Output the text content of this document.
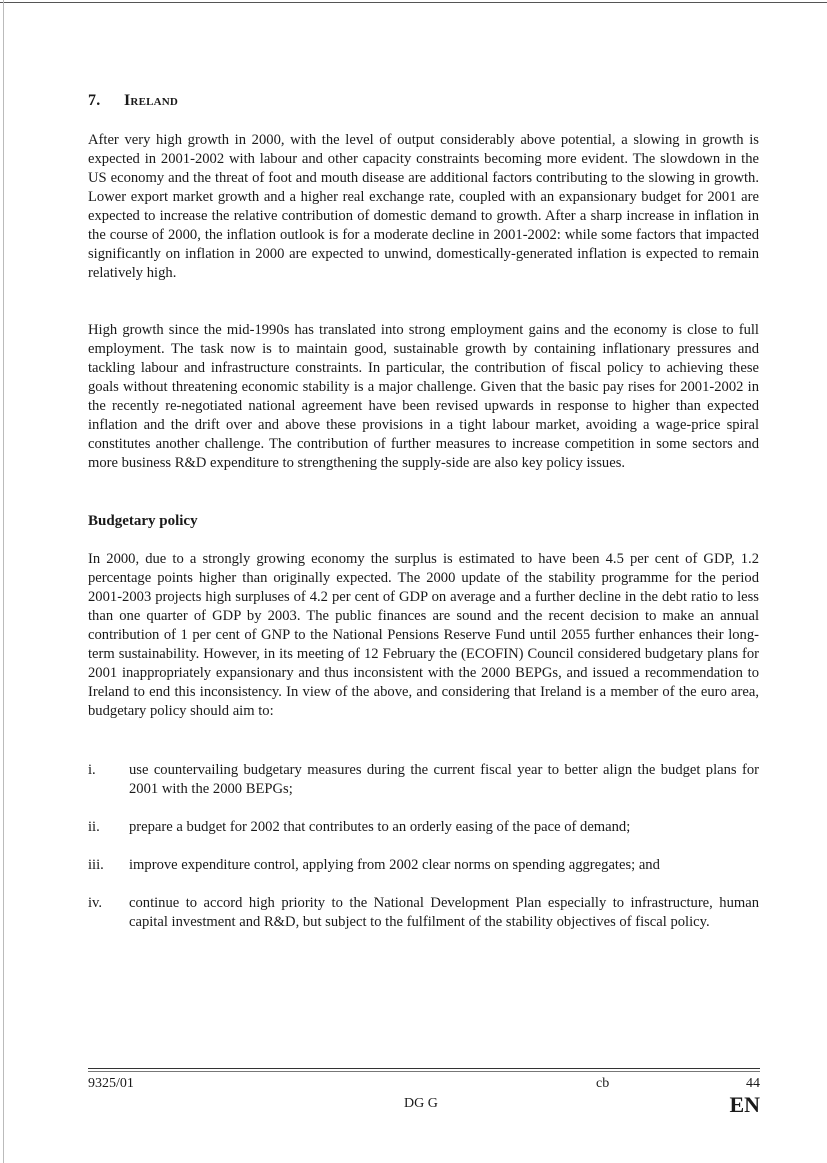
7. Ireland

After very high growth in 2000, with the level of output considerably above potential, a slowing in growth is expected in 2001-2002 with labour and other capacity constraints becoming more evident. The slowdown in the US economy and the threat of foot and mouth disease are additional factors contributing to the slowing in growth. Lower export market growth and a higher real exchange rate, coupled with an expansionary budget for 2001 are expected to increase the relative contribution of domestic demand to growth. After a sharp increase in inflation in the course of 2000, the inflation outlook is for a moderate decline in 2001-2002: while some factors that impacted significantly on inflation in 2000 are expected to unwind, domestically-generated inflation is expected to remain relatively high.

High growth since the mid-1990s has translated into strong employment gains and the economy is close to full employment. The task now is to maintain good, sustainable growth by containing inflationary pressures and tackling labour and infrastructure constraints. In particular, the contribution of fiscal policy to achieving these goals without threatening economic stability is a major challenge. Given that the basic pay rises for 2001-2002 in the recently re-negotiated national agreement have been revised upwards in response to higher than expected inflation and the drift over and above these provisions in a tight labour market, avoiding a wage-price spiral constitutes another challenge. The contribution of further measures to increase competition in some sectors and more business R&D expenditure to strengthening the supply-side are also key policy issues.

Budgetary policy

In 2000, due to a strongly growing economy the surplus is estimated to have been 4.5 per cent of GDP, 1.2 percentage points higher than originally expected. The 2000 update of the stability programme for the period 2001-2003 projects high surpluses of 4.2 per cent of GDP on average and a further decline in the debt ratio to less than one quarter of GDP by 2003. The public finances are sound and the recent decision to make an annual contribution of 1 per cent of GNP to the National Pensions Reserve Fund until 2055 further enhances their long-term sustainability. However, in its meeting of 12 February the (ECOFIN) Council considered budgetary plans for 2001 inappropriately expansionary and thus inconsistent with the 2000 BEPGs, and issued a recommendation to Ireland to end this inconsistency. In view of the above, and considering that Ireland is a member of the euro area, budgetary policy should aim to:

i.	use countervailing budgetary measures during the current fiscal year to better align the budget plans for 2001 with the 2000 BEPGs;
ii.	prepare a budget for 2002 that contributes to an orderly easing of the pace of demand;
iii.	improve expenditure control, applying from 2002 clear norms on spending aggregates; and
iv.	continue to accord high priority to the National Development Plan especially to infrastructure, human capital investment and R&D, but subject to the fulfilment of the stability objectives of fiscal policy.
9325/01	cb	44
DG G	EN
